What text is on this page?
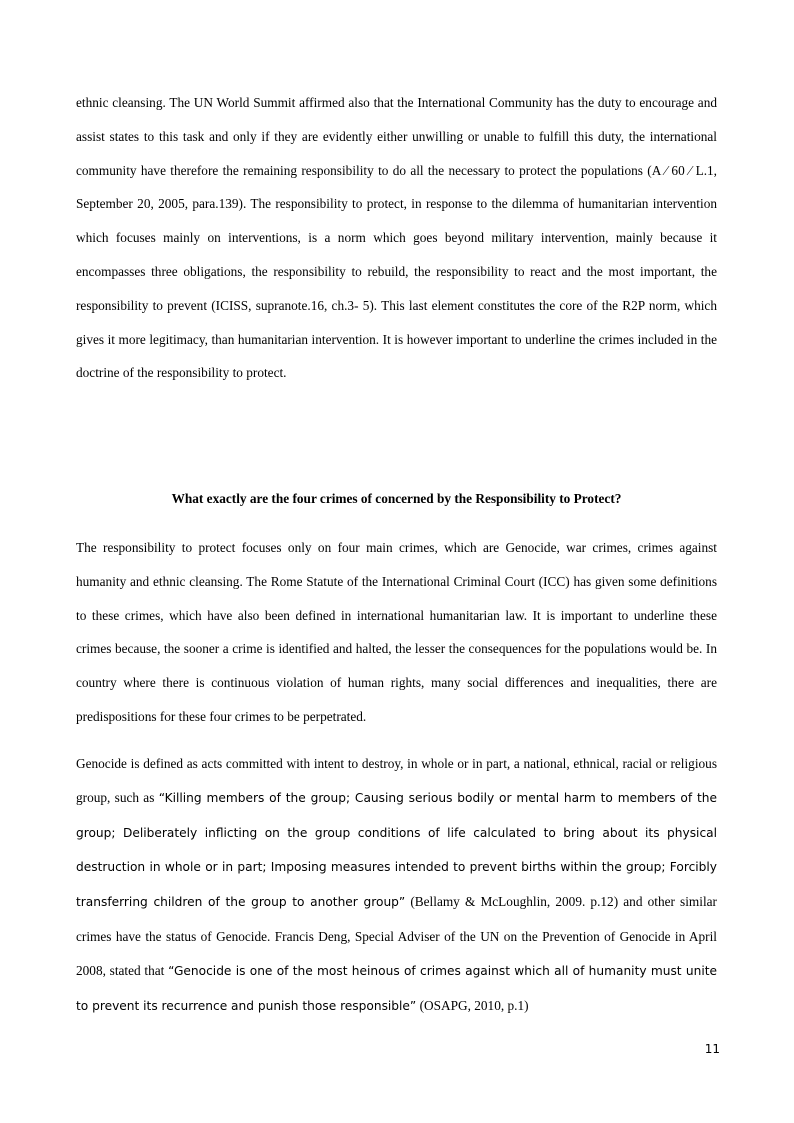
ethnic cleansing. The UN World Summit affirmed also that the International Community has the duty to encourage and assist states to this task and only if they are evidently either unwilling or unable to fulfill this duty, the international community have therefore the remaining responsibility to do all the necessary to protect the populations (A ⁄ 60 ⁄ L.1, September 20, 2005, para.139). The responsibility to protect, in response to the dilemma of humanitarian intervention which focuses mainly on interventions, is a norm which goes beyond military intervention, mainly because it encompasses three obligations, the responsibility to rebuild, the responsibility to react and the most important, the responsibility to prevent (ICISS, supranote.16, ch.3- 5). This last element constitutes the core of the R2P norm, which gives it more legitimacy, than humanitarian intervention. It is however important to underline the crimes included in the doctrine of the responsibility to protect.

What exactly are the four crimes of concerned by the Responsibility to Protect?

The responsibility to protect focuses only on four main crimes, which are Genocide, war crimes, crimes against humanity and ethnic cleansing. The Rome Statute of the International Criminal Court (ICC) has given some definitions to these crimes, which have also been defined in international humanitarian law. It is important to underline these crimes because, the sooner a crime is identified and halted, the lesser the consequences for the populations would be. In country where there is continuous violation of human rights, many social differences and inequalities, there are predispositions for these four crimes to be perpetrated.

Genocide is defined as acts committed with intent to destroy, in whole or in part, a national, ethnical, racial or religious group, such as “Killing members of the group; Causing serious bodily or mental harm to members of the group; Deliberately inflicting on the group conditions of life calculated to bring about its physical destruction in whole or in part; Imposing measures intended to prevent births within the group; Forcibly transferring children of the group to another group” (Bellamy & McLoughlin, 2009. p.12) and other similar crimes have the status of Genocide. Francis Deng, Special Adviser of the UN on the Prevention of Genocide in April 2008, stated that “Genocide is one of the most heinous of crimes against which all of humanity must unite to prevent its recurrence and punish those responsible” (OSAPG, 2010, p.1)

11
